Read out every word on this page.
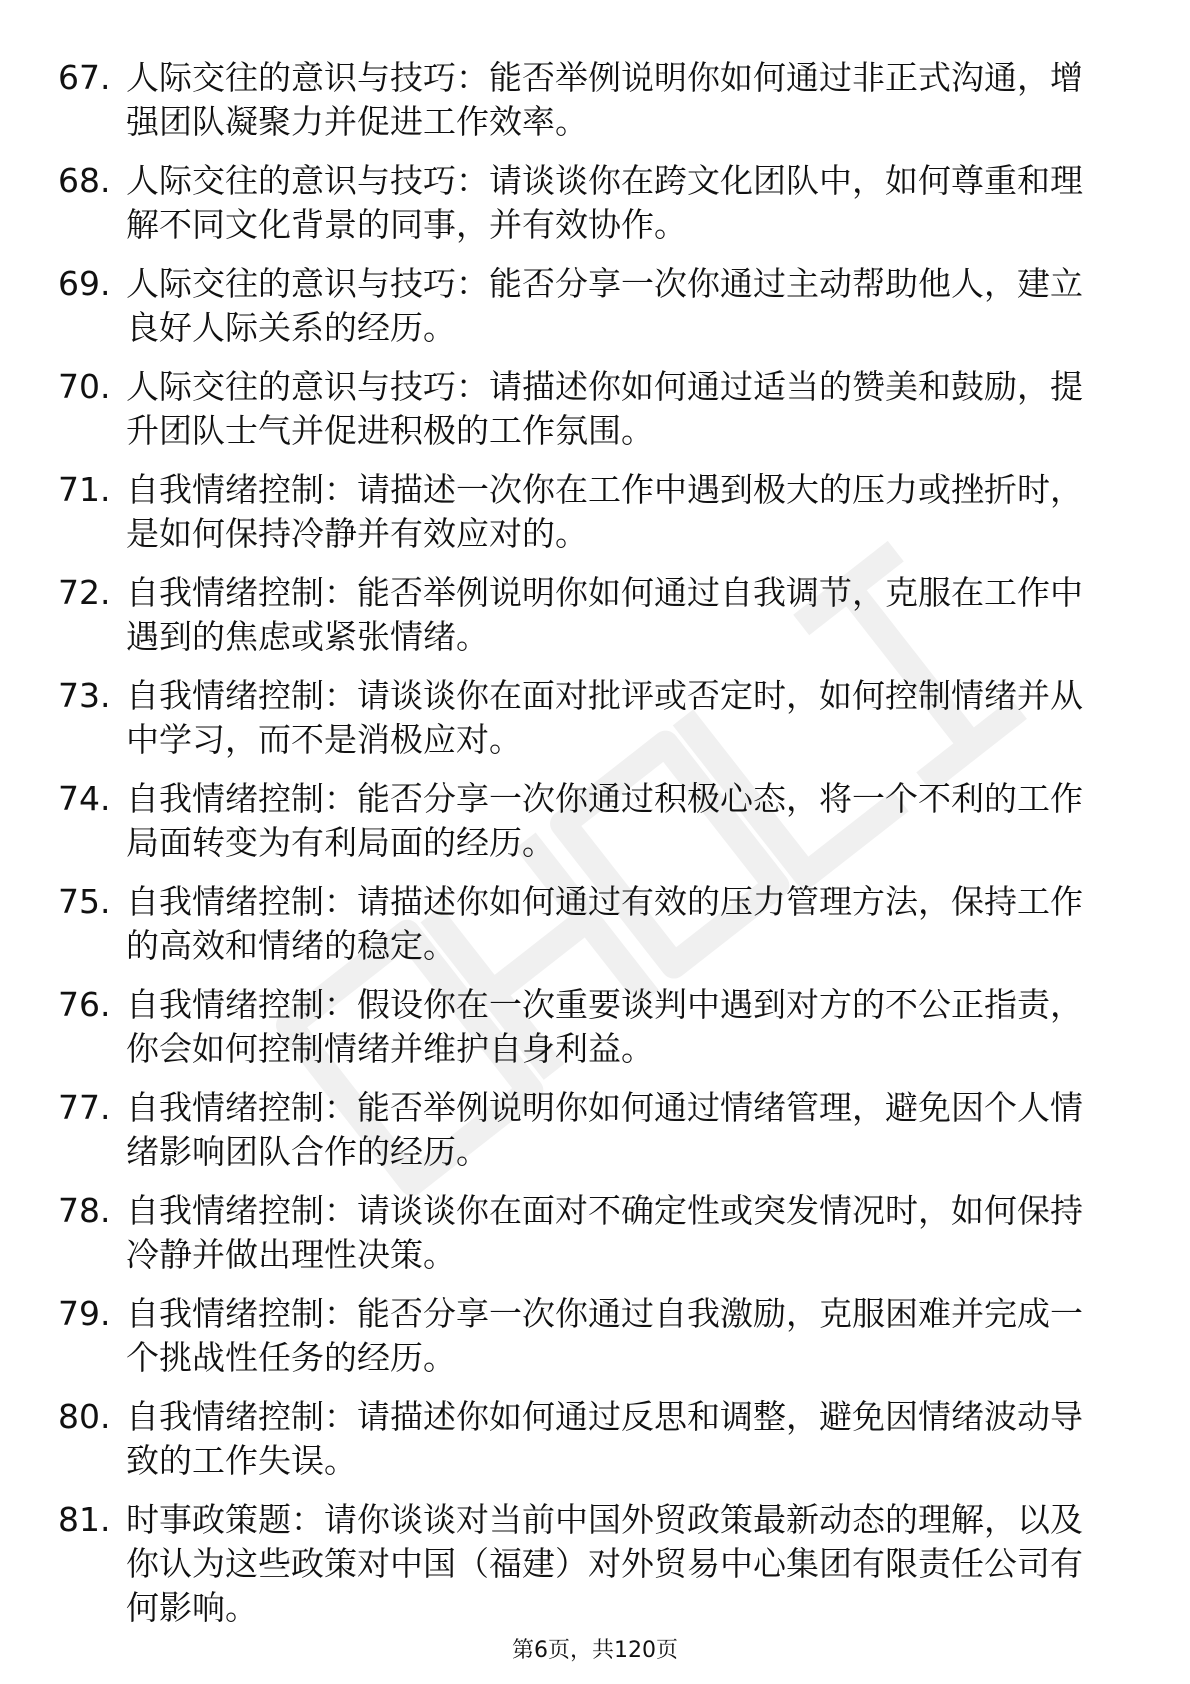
67. 人际交往的意识与技巧：能否举例说明你如何通过非正式沟通，增强团队凝聚力并促进工作效率。
68. 人际交往的意识与技巧：请谈谈你在跨文化团队中，如何尊重和理解不同文化背景的同事，并有效协作。
69. 人际交往的意识与技巧：能否分享一次你通过主动帮助他人，建立良好人际关系的经历。
70. 人际交往的意识与技巧：请描述你如何通过适当的赞美和鼓励，提升团队士气并促进积极的工作氛围。
71. 自我情绪控制：请描述一次你在工作中遇到极大的压力或挫折时，是如何保持冷静并有效应对的。
72. 自我情绪控制：能否举例说明你如何通过自我调节，克服在工作中遇到的焦虑或紧张情绪。
73. 自我情绪控制：请谈谈你在面对批评或否定时，如何控制情绪并从中学习，而不是消极应对。
74. 自我情绪控制：能否分享一次你通过积极心态，将一个不利的工作局面转变为有利局面的经历。
75. 自我情绪控制：请描述你如何通过有效的压力管理方法，保持工作的高效和情绪的稳定。
76. 自我情绪控制：假设你在一次重要谈判中遇到对方的不公正指责，你会如何控制情绪并维护自身利益。
77. 自我情绪控制：能否举例说明你如何通过情绪管理，避免因个人情绪影响团队合作的经历。
78. 自我情绪控制：请谈谈你在面对不确定性或突发情况时，如何保持冷静并做出理性决策。
79. 自我情绪控制：能否分享一次你通过自我激励，克服困难并完成一个挑战性任务的经历。
80. 自我情绪控制：请描述你如何通过反思和调整，避免因情绪波动导致的工作失误。
81. 时事政策题：请你谈谈对当前中国外贸政策最新动态的理解，以及你认为这些政策对中国（福建）对外贸易中心集团有限责任公司有何影响。
第6页，共120页
